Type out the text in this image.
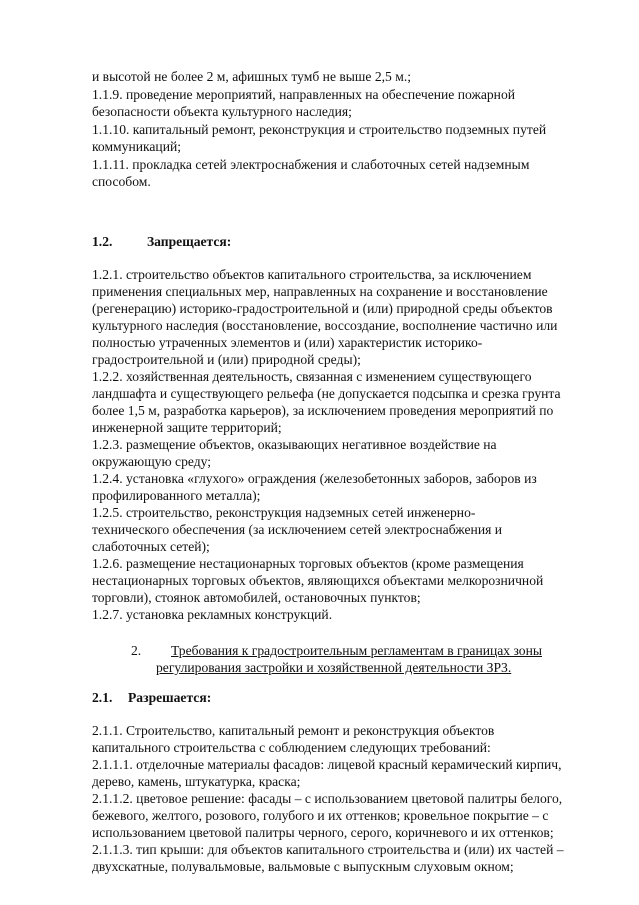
и высотой не более 2 м, афишных тумб не выше 2,5 м.;
1.1.9. проведение мероприятий, направленных на обеспечение пожарной
безопасности объекта культурного наследия;
1.1.10. капитальный ремонт, реконструкция и строительство подземных путей
коммуникаций;
1.1.11. прокладка сетей электроснабжения и слаботочных сетей надземным
способом.
1.2.	Запрещается:
1.2.1. строительство объектов капитального строительства, за исключением
применения специальных мер, направленных на сохранение и восстановление
(регенерацию) историко-градостроительной и (или) природной среды объектов
культурного наследия (восстановление, воссоздание, восполнение частично или
полностью утраченных элементов и (или) характеристик историко-
градостроительной и (или) природной среды);
1.2.2. хозяйственная деятельность, связанная с изменением существующего
ландшафта и существующего рельефа (не допускается подсыпка и срезка грунта
более 1,5 м, разработка карьеров), за исключением проведения мероприятий по
инженерной защите территорий;
1.2.3. размещение объектов, оказывающих негативное воздействие на
окружающую среду;
1.2.4. установка «глухого» ограждения (железобетонных заборов, заборов из
профилированного металла);
1.2.5. строительство, реконструкция надземных сетей инженерно-
технического обеспечения (за исключением сетей электроснабжения и
слаботочных сетей);
1.2.6. размещение нестационарных торговых объектов (кроме размещения
нестационарных торговых объектов, являющихся объектами мелкорозничной
торговли), стоянок автомобилей, остановочных пунктов;
1.2.7. установка рекламных конструкций.
2. Требования к градостроительным регламентам в границах зоны
регулирования застройки и хозяйственной деятельности ЗР3.
2.1. Разрешается:
2.1.1. Строительство, капитальный ремонт и реконструкция объектов
капитального строительства с соблюдением следующих требований:
2.1.1.1. отделочные материалы фасадов: лицевой красный керамический кирпич,
дерево, камень, штукатурка, краска;
2.1.1.2. цветовое решение: фасады – с использованием цветовой палитры белого,
бежевого, желтого, розового, голубого и их оттенков; кровельное покрытие – с
использованием цветовой палитры черного, серого, коричневого и их оттенков;
2.1.1.3. тип крыши: для объектов капитального строительства и (или) их частей –
двухскатные, полувальмовые, вальмовые с выпускным слуховым окном;
